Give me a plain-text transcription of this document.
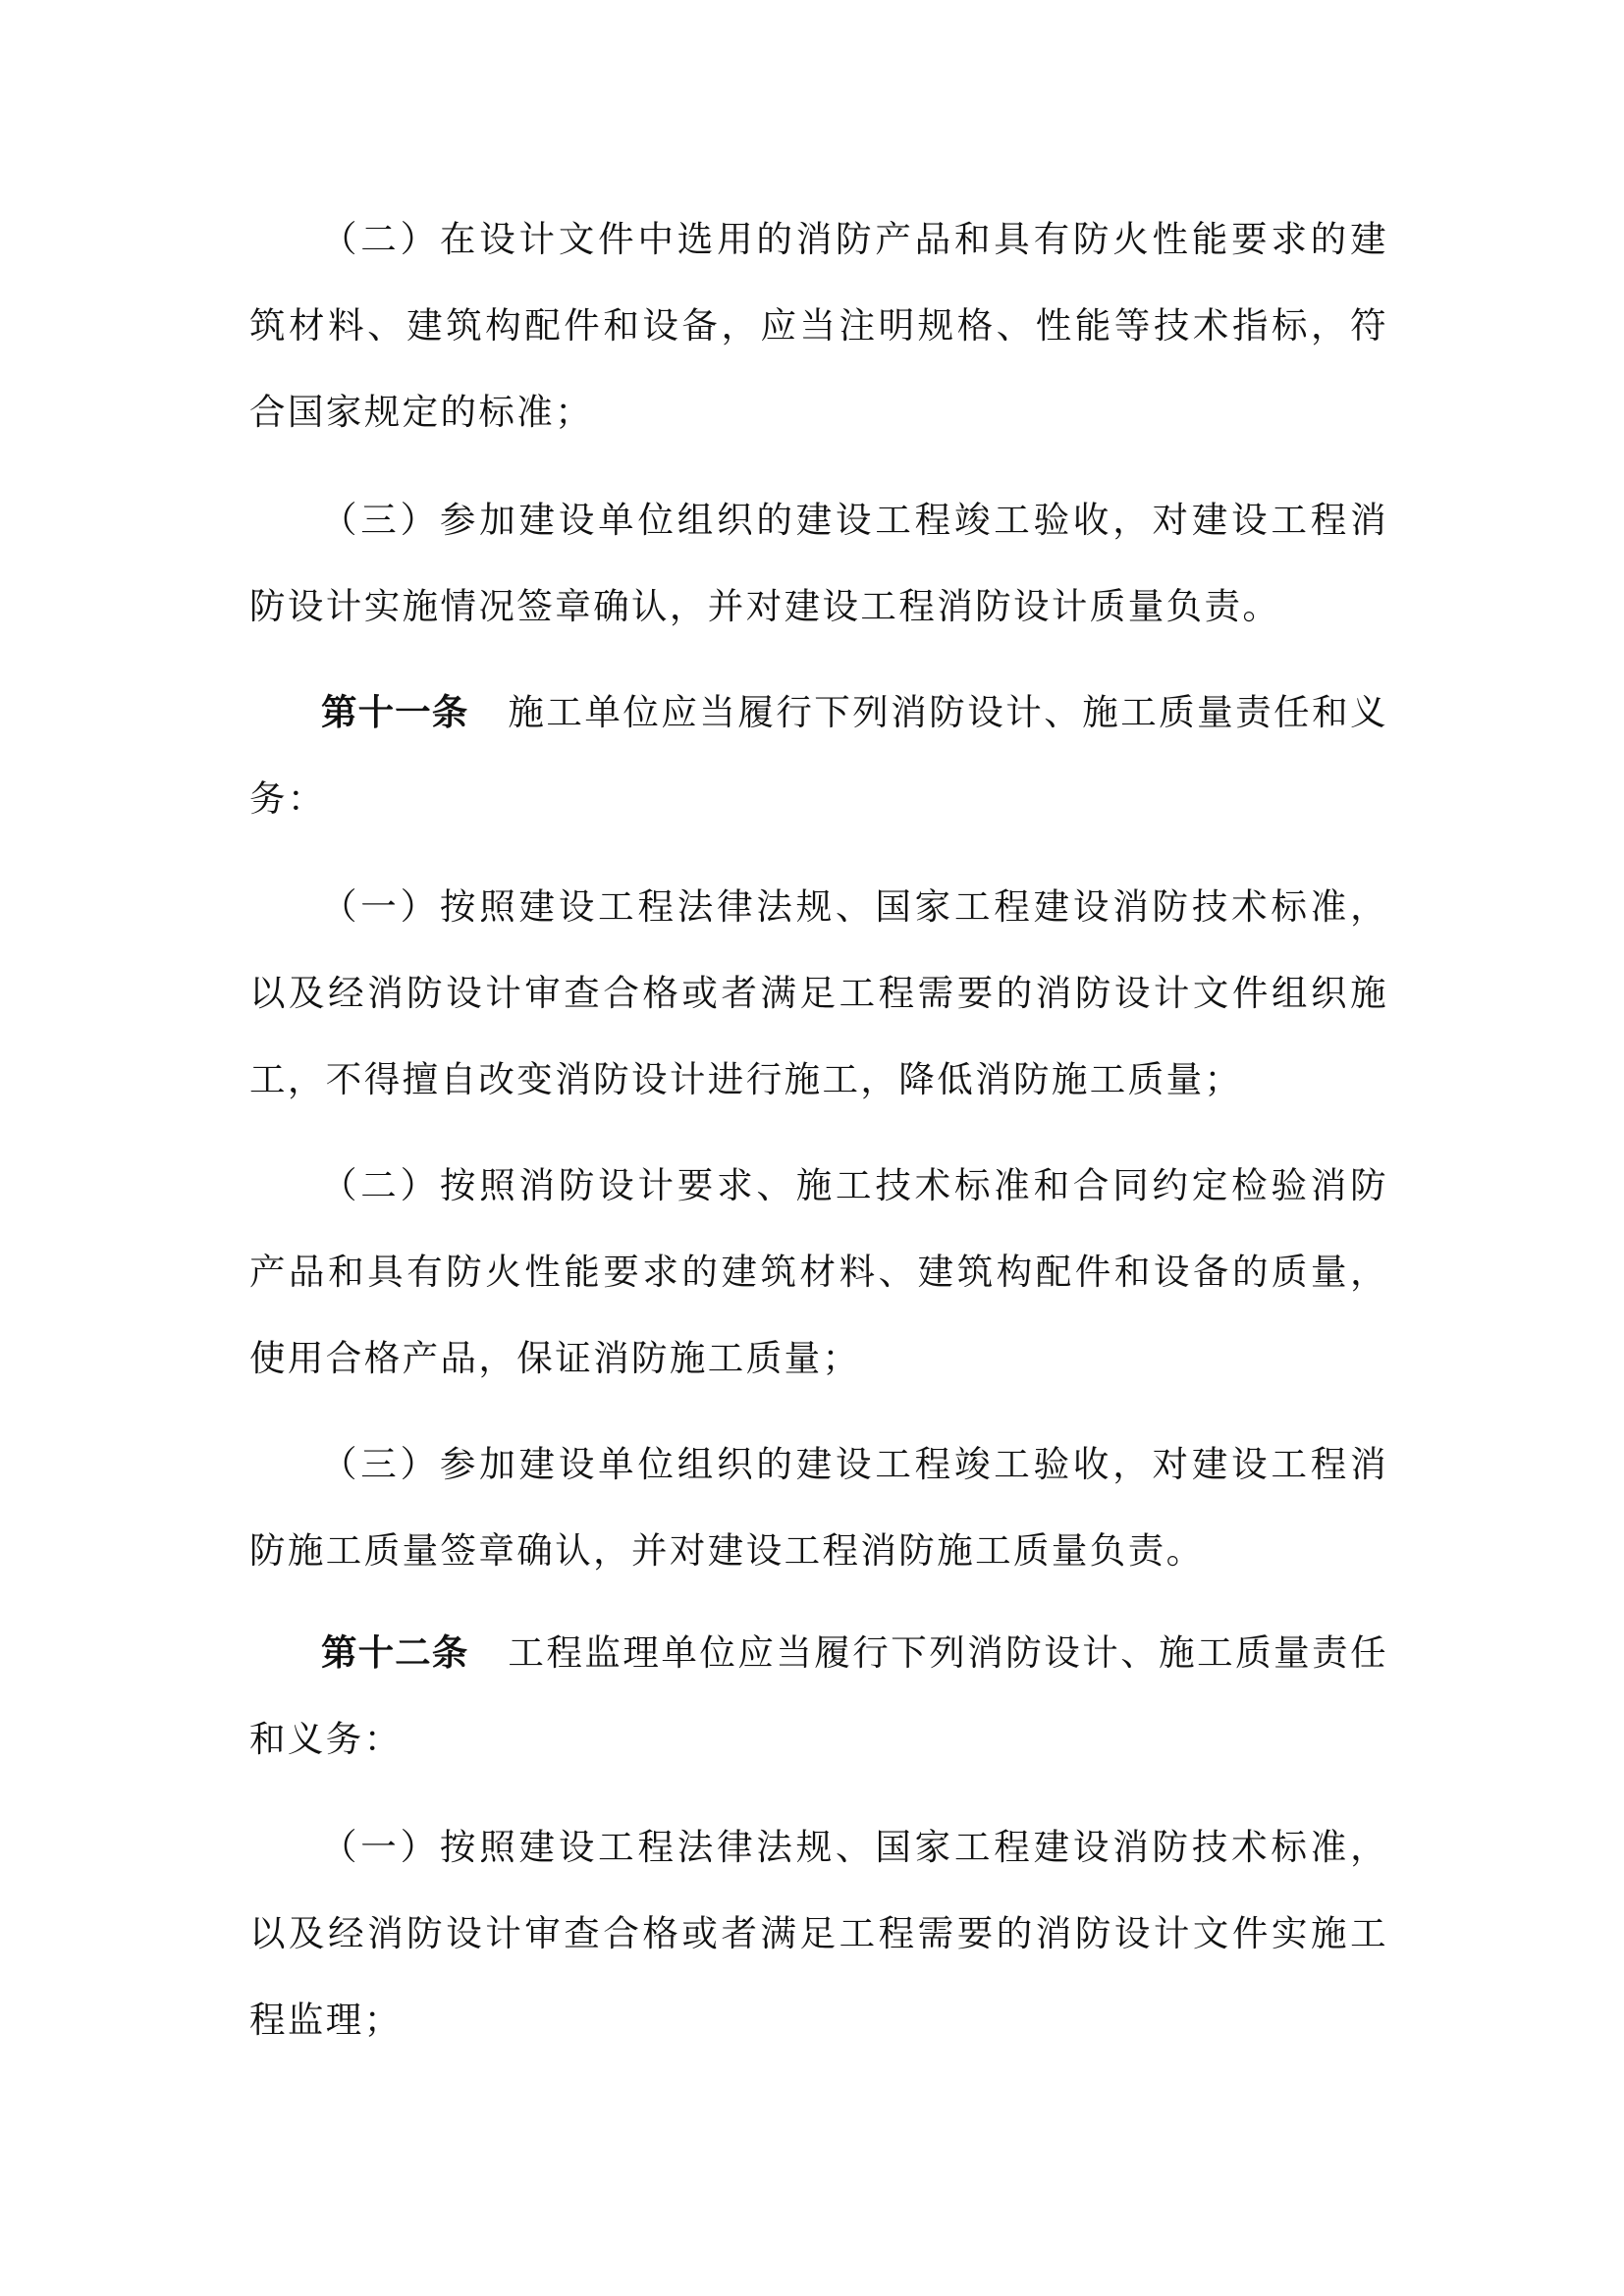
（二）在设计文件中选用的消防产品和具有防火性能要求的建筑材料、建筑构配件和设备，应当注明规格、性能等技术指标，符合国家规定的标准；

（三）参加建设单位组织的建设工程竣工验收，对建设工程消防设计实施情况签章确认，并对建设工程消防设计质量负责。

第十一条 施工单位应当履行下列消防设计、施工质量责任和义务：

（一）按照建设工程法律法规、国家工程建设消防技术标准，以及经消防设计审查合格或者满足工程需要的消防设计文件组织施工，不得擅自改变消防设计进行施工，降低消防施工质量；

（二）按照消防设计要求、施工技术标准和合同约定检验消防产品和具有防火性能要求的建筑材料、建筑构配件和设备的质量，使用合格产品，保证消防施工质量；

（三）参加建设单位组织的建设工程竣工验收，对建设工程消防施工质量签章确认，并对建设工程消防施工质量负责。

第十二条 工程监理单位应当履行下列消防设计、施工质量责任和义务：

（一）按照建设工程法律法规、国家工程建设消防技术标准，以及经消防设计审查合格或者满足工程需要的消防设计文件实施工程监理；
